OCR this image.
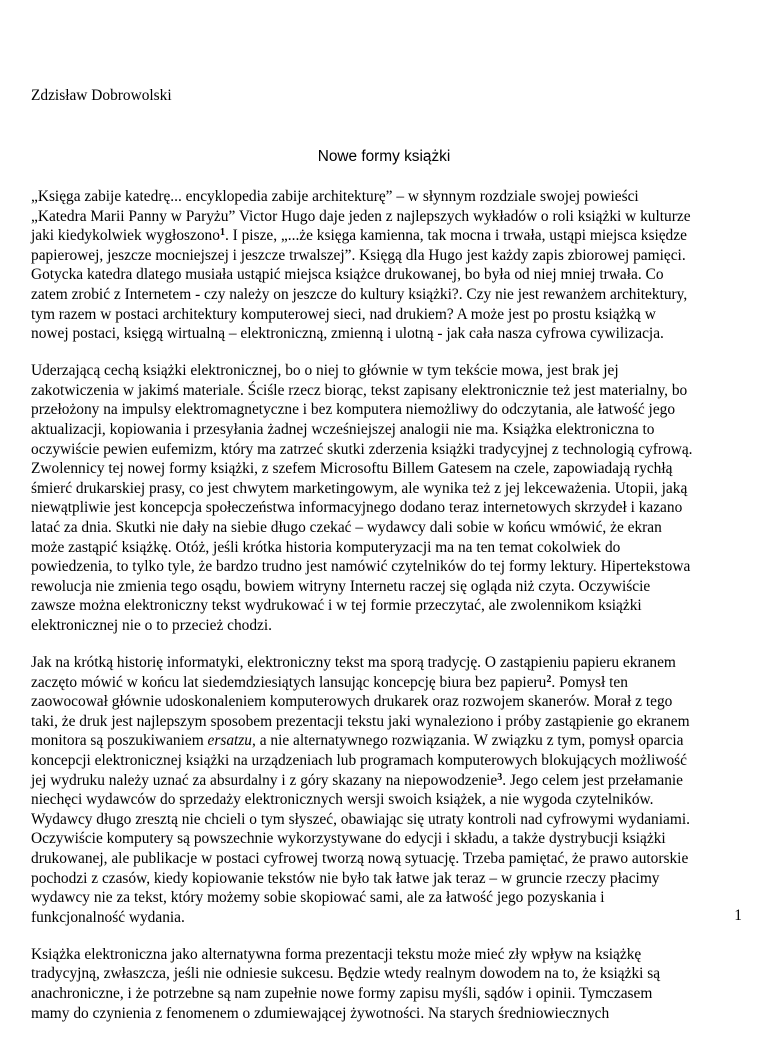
Zdzisław Dobrowolski
Nowe formy książki

„Księga zabije katedrę... encyklopedia zabije architekturę” – w słynnym rozdziale swojej powieści
„Katedra Marii Panny w Paryżu” Victor Hugo daje jeden z najlepszych wykładów o roli książki w kulturze
jaki kiedykolwiek wygłoszono$^1$. I pisze, „...że księga kamienna, tak mocna i trwała, ustąpi miejsca księdze
papierowej, jeszcze mocniejszej i jeszcze trwalszej”. Księgą dla Hugo jest każdy zapis zbiorowej pamięci.
Gotycka katedra dlatego musiała ustąpić miejsca książce drukowanej, bo była od niej mniej trwała. Co
zatem zrobić z Internetem - czy należy on jeszcze do kultury książki?. Czy nie jest rewanżem architektury,
tym razem w postaci architektury komputerowej sieci, nad drukiem? A może jest po prostu książką w
nowej postaci, księgą wirtualną – elektroniczną, zmienną i ulotną - jak cała nasza cyfrowa cywilizacja.

Uderzającą cechą książki elektronicznej, bo o niej to głównie w tym tekście mowa, jest brak jej
zakotwiczenia w jakimś materiale. Ściśle rzecz biorąc, tekst zapisany elektronicznie też jest materialny, bo
przełożony na impulsy elektromagnetyczne i bez komputera niemożliwy do odczytania, ale łatwość jego
aktualizacji, kopiowania i przesyłania żadnej wcześniejszej analogii nie ma. Książka elektroniczna to
oczywiście pewien eufemizm, który ma zatrzeć skutki zderzenia książki tradycyjnej z technologią cyfrową.
Zwolennicy tej nowej formy książki, z szefem Microsoftu Billem Gatesem na czele, zapowiadają rychłą
śmierć drukarskiej prasy, co jest chwytem marketingowym, ale wynika też z jej lekceważenia. Utopii, jaką
niewątpliwie jest koncepcja społeczeństwa informacyjnego dodano teraz internetowych skrzydeł i kazano
latać za dnia. Skutki nie dały na siebie długo czekać – wydawcy dali sobie w końcu wmówić, że ekran
może zastąpić książkę. Otóż, jeśli krótka historia komputeryzacji ma na ten temat cokolwiek do
powiedzenia, to tylko tyle, że bardzo trudno jest namówić czytelników do tej formy lektury. Hipertekstowa
rewolucja nie zmienia tego osądu, bowiem witryny Internetu raczej się ogląda niż czyta. Oczywiście
zawsze można elektroniczny tekst wydrukować i w tej formie przeczytać, ale zwolennikom książki
elektronicznej nie o to przecież chodzi.

Jak na krótką historię informatyki, elektroniczny tekst ma sporą tradycję. O zastąpieniu papieru ekranem
zaczęto mówić w końcu lat siedemdziesiątych lansując koncepcję biura bez papieru$^2$. Pomysł ten
zaowocował głównie udoskonaleniem komputerowych drukarek oraz rozwojem skanerów. Morał z tego
taki, że druk jest najlepszym sposobem prezentacji tekstu jaki wynaleziono i próby zastąpienie go ekranem
monitora są poszukiwaniem ersatzu, a nie alternatywnego rozwiązania. W związku z tym, pomysł oparcia
koncepcji elektronicznej książki na urządzeniach lub programach komputerowych blokujących możliwość
jej wydruku należy uznać za absurdalny i z góry skazany na niepowodzenie$^3$. Jego celem jest przełamanie
niechęci wydawców do sprzedaży elektronicznych wersji swoich książek, a nie wygoda czytelników.
Wydawcy długo zresztą nie chcieli o tym słyszeć, obawiając się utraty kontroli nad cyfrowymi wydaniami.
Oczywiście komputery są powszechnie wykorzystywane do edycji i składu, a także dystrybucji książki
drukowanej, ale publikacje w postaci cyfrowej tworzą nową sytuację. Trzeba pamiętać, że prawo autorskie
pochodzi z czasów, kiedy kopiowanie tekstów nie było tak łatwe jak teraz – w gruncie rzeczy płacimy
wydawcy nie za tekst, który możemy sobie skopiować sami, ale za łatwość jego pozyskania i
funkcjonalność wydania.

Książka elektroniczna jako alternatywna forma prezentacji tekstu może mieć zły wpływ na książkę
tradycyjną, zwłaszcza, jeśli nie odniesie sukcesu. Będzie wtedy realnym dowodem na to, że książki są
anachroniczne, i że potrzebne są nam zupełnie nowe formy zapisu myśli, sądów i opinii. Tymczasem
mamy do czynienia z fenomenem o zdumiewającej żywotności. Na starych średniowiecznych

1
